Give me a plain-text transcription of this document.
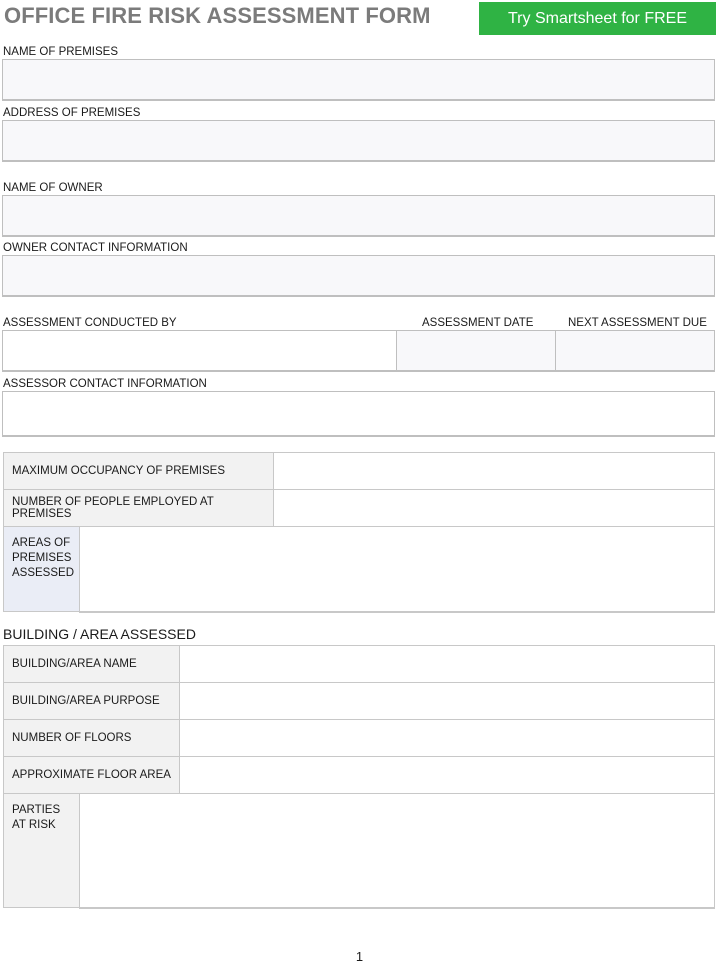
OFFICE FIRE RISK ASSESSMENT FORM	Try Smartsheet for FREE
NAME OF PREMISES
ADDRESS OF PREMISES
NAME OF OWNER
OWNER CONTACT INFORMATION
ASSESSMENT CONDUCTED BY	ASSESSMENT DATE	NEXT ASSESSMENT DUE
ASSESSOR CONTACT INFORMATION
MAXIMUM OCCUPANCY OF PREMISES		
NUMBER OF PEOPLE EMPLOYED AT PREMISES		
AREAS OF
PREMISES
ASSESSED		
BUILDING / AREA ASSESSED
BUILDING/AREA NAME		
BUILDING/AREA PURPOSE		
NUMBER OF FLOORS		
APPROXIMATE FLOOR AREA		
PARTIES
AT RISK		
1
